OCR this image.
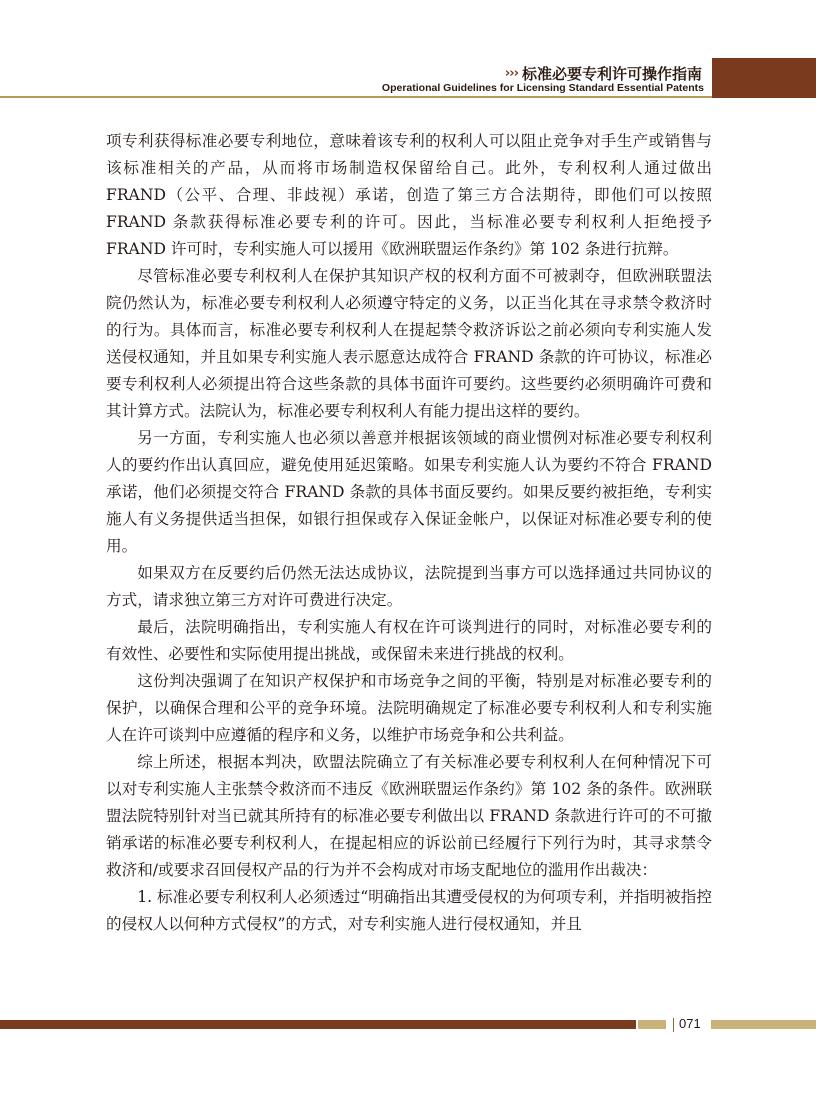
››› 标准必要专利许可操作指南
Operational Guidelines for Licensing Standard Essential Patents

项专利获得标准必要专利地位，意味着该专利的权利人可以阻止竞争对手生产或销售与该标准相关的产品，从而将市场制造权保留给自己。此外，专利权利人通过做出 FRAND（公平、合理、非歧视）承诺，创造了第三方合法期待，即他们可以按照 FRAND 条款获得标准必要专利的许可。因此，当标准必要专利权利人拒绝授予 FRAND 许可时，专利实施人可以援用《欧洲联盟运作条约》第 102 条进行抗辩。

尽管标准必要专利权利人在保护其知识产权的权利方面不可被剥夺，但欧洲联盟法院仍然认为，标准必要专利权利人必须遵守特定的义务，以正当化其在寻求禁令救济时的行为。具体而言，标准必要专利权利人在提起禁令救济诉讼之前必须向专利实施人发送侵权通知，并且如果专利实施人表示愿意达成符合 FRAND 条款的许可协议，标准必要专利权利人必须提出符合这些条款的具体书面许可要约。这些要约必须明确许可费和其计算方式。法院认为，标准必要专利权利人有能力提出这样的要约。

另一方面，专利实施人也必须以善意并根据该领域的商业惯例对标准必要专利权利人的要约作出认真回应，避免使用延迟策略。如果专利实施人认为要约不符合 FRAND 承诺，他们必须提交符合 FRAND 条款的具体书面反要约。如果反要约被拒绝，专利实施人有义务提供适当担保，如银行担保或存入保证金帐户，以保证对标准必要专利的使用。

如果双方在反要约后仍然无法达成协议，法院提到当事方可以选择通过共同协议的方式，请求独立第三方对许可费进行决定。

最后，法院明确指出，专利实施人有权在许可谈判进行的同时，对标准必要专利的有效性、必要性和实际使用提出挑战，或保留未来进行挑战的权利。

这份判决强调了在知识产权保护和市场竞争之间的平衡，特别是对标准必要专利的保护，以确保合理和公平的竞争环境。法院明确规定了标准必要专利权利人和专利实施人在许可谈判中应遵循的程序和义务，以维护市场竞争和公共利益。

综上所述，根据本判决，欧盟法院确立了有关标准必要专利权利人在何种情况下可以对专利实施人主张禁令救济而不违反《欧洲联盟运作条约》第 102 条的条件。欧洲联盟法院特别针对当已就其所持有的标准必要专利做出以 FRAND 条款进行许可的不可撤销承诺的标准必要专利权利人，在提起相应的诉讼前已经履行下列行为时，其寻求禁令救济和/或要求召回侵权产品的行为并不会构成对市场支配地位的滥用作出裁决：

1. 标准必要专利权利人必须透过“明确指出其遭受侵权的为何项专利，并指明被指控的侵权人以何种方式侵权”的方式，对专利实施人进行侵权通知，并且

071
